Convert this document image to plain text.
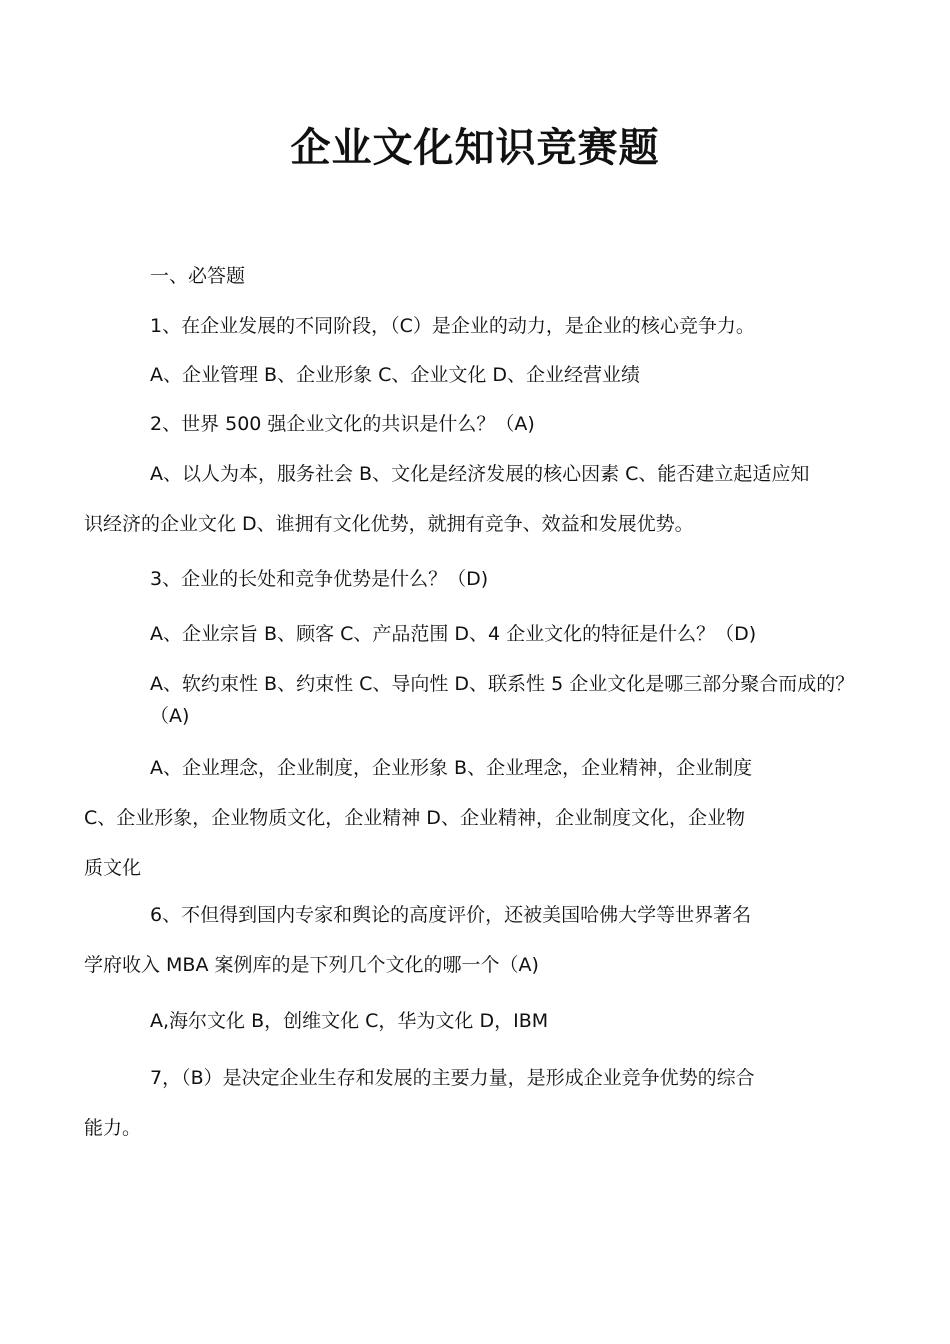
企业文化知识竞赛题
一、必答题
1、在企业发展的不同阶段，（C）是企业的动力，是企业的核心竞争力。
A、企业管理 B、企业形象 C、企业文化 D、企业经营业绩
2、世界 500 强企业文化的共识是什么？（A)
A、以人为本，服务社会 B、文化是经济发展的核心因素 C、能否建立起适应知
识经济的企业文化 D、谁拥有文化优势，就拥有竞争、效益和发展优势。
3、企业的长处和竞争优势是什么？（D)
A、企业宗旨 B、顾客 C、产品范围 D、4 企业文化的特征是什么？（D)
A、软约束性 B、约束性 C、导向性 D、联系性 5 企业文化是哪三部分聚合而成的？（A)
A、企业理念，企业制度，企业形象 B、企业理念，企业精神，企业制度
C、企业形象，企业物质文化，企业精神 D、企业精神，企业制度文化，企业物
质文化
6、不但得到国内专家和舆论的高度评价，还被美国哈佛大学等世界著名
学府收入 MBA 案例库的是下列几个文化的哪一个（A)
A,海尔文化 B，创维文化 C，华为文化 D，IBM
7，（B）是决定企业生存和发展的主要力量，是形成企业竞争优势的综合
能力。
